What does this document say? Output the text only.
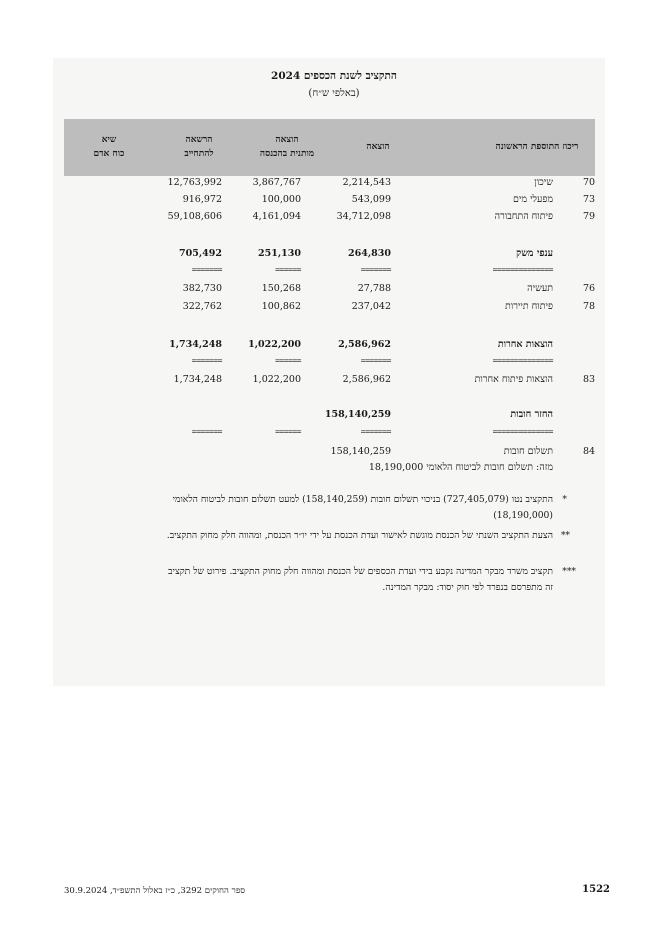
התקציב לשנת הכספים 2024
(באלפי ש״ח)
ריכוז התוספת הראשונה
הוצאה
הוצאה
מותנית בהכנסה
הרשאה
להתחייב
שיא
כוח אדם
70
שיכון
2,214,543
3,867,767
12,763,992
73
מפעלי מים
543,099
100,000
916,972
79
פיתוח התחבורה
34,712,098
4,161,094
59,108,606
ענפי משק
264,830
251,130
705,492
==============
=======
======
=======
76
תעשיה
27,788
150,268
382,730
78
פיתוח תיירות
237,042
100,862
322,762
הוצאות אחרות
2,586,962
1,022,200
1,734,248
==============
=======
======
=======
83
הוצאות פיתוח אחרות
2,586,962
1,022,200
1,734,248
החזר חובות
158,140,259
==============
=======
======
=======
84
תשלום חובות
158,140,259
מזה: תשלום חובות לביטוח הלאומי 18,190,000
*
התקציב נטו (727,405,079) בניכוי תשלום חובות (158,140,259) למעט תשלום חובות לביטוח הלאומי
(18,190,000)
**
הצעת התקציב השנתי של הכנסת מוגשת לאישור ועדת הכנסת על ידי יו״ר הכנסת, ומהווה חלק מחוק התקציב.
***
תקציב משרד מבקר המדינה נקבע בידי ועדת הכספים של הכנסת ומהווה חלק מחוק התקציב. פירוט של תקציב
זה מתפרסם בנפרד לפי חוק יסוד: מבקר המדינה.
1522
ספר החוקים 3292, כ״ז באלול התשפ״ד, 30.9.2024
